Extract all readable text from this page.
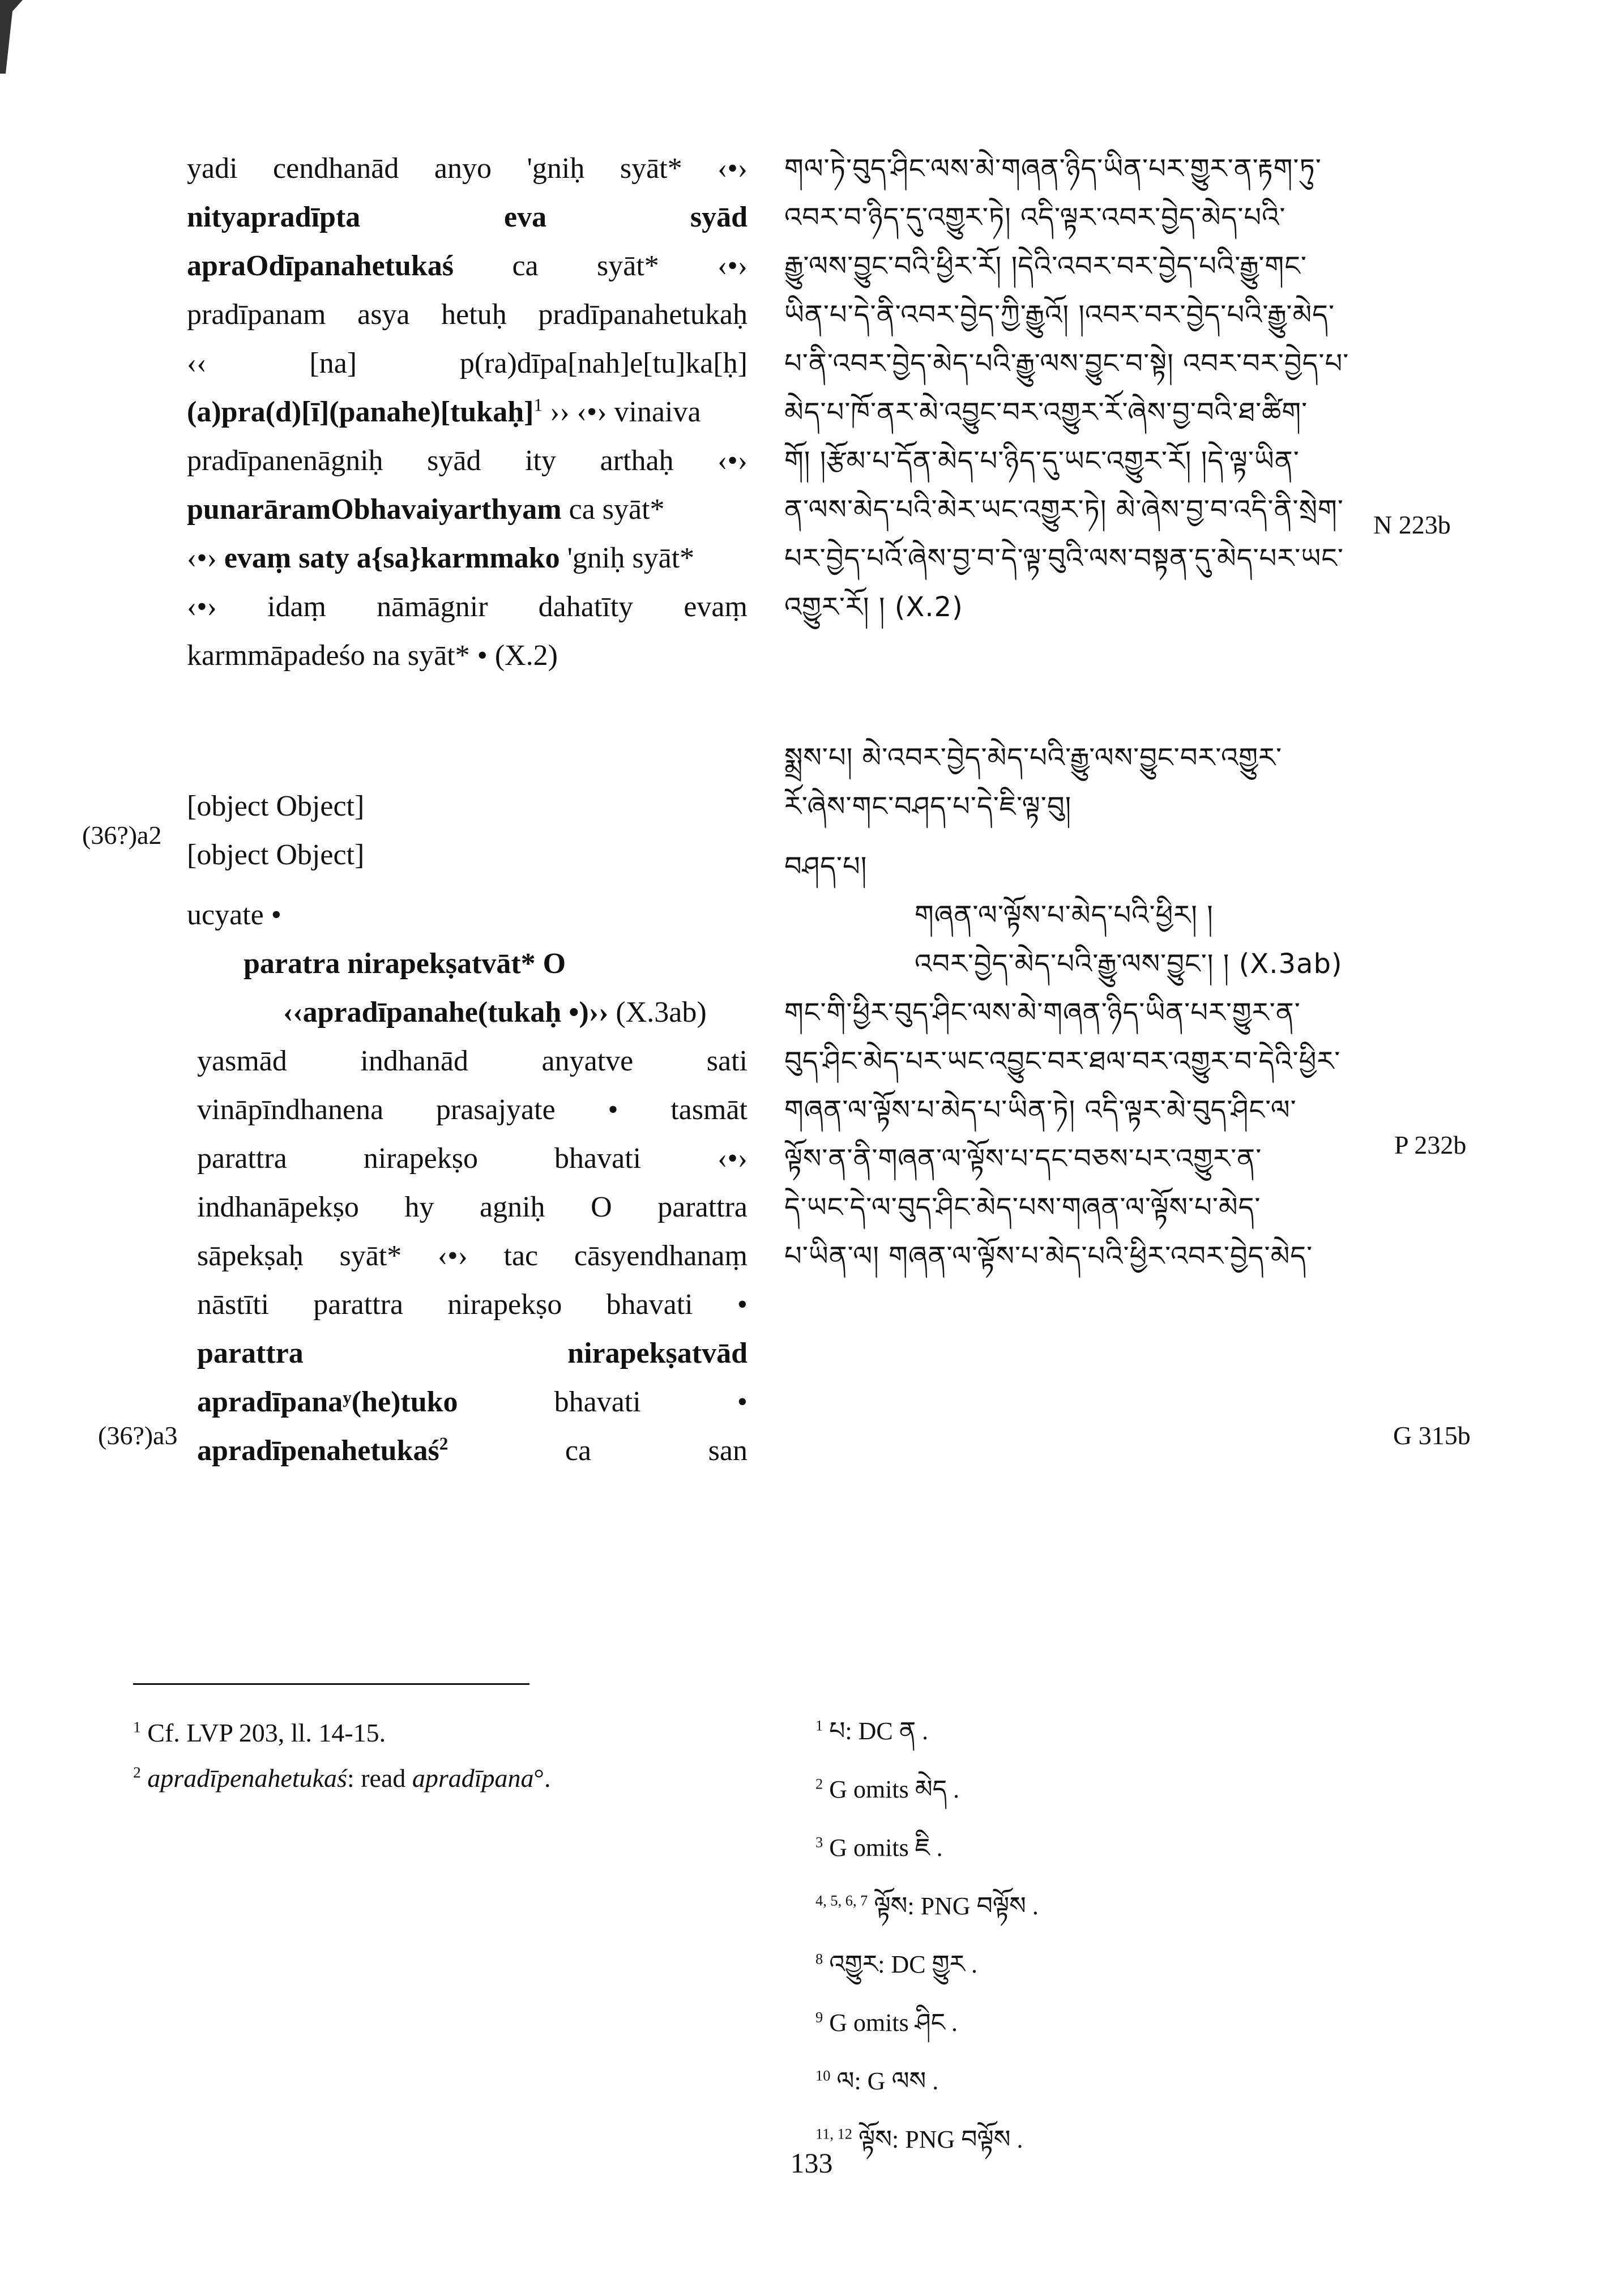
yadi cendhanād anyo 'gniḥ syāt* ‹•›
nityapradīpta	eva	syād
apraOdīpanahetukaś ca syāt* ‹•›
pradīpanam asya hetuḥ pradīpanahetukaḥ
‹‹	[na]	p(ra)dīpa[nah]e[tu]ka[ḥ]
(a)pra(d)[ī](panahe)[tukaḥ]$^1$ ›› ‹•› vinaiva
pradīpanenāgniḥ syād ity arthaḥ ‹•›
punarāramObhavaiyarthyam ca syāt*
‹•› evaṃ saty a{sa}karmmako 'gniḥ syāt*
‹•› idaṃ nāmāgnir dahatīty evaṃ
karmmāpadeśo na syāt* • (X.2)
[object Object]
[object Object]
ucyate •
paratra nirapekṣatvāt* O
‹‹apradīpanahe(tukaḥ •)›› (X.3ab)
yasmād indhanād anyatve sati
vināpīndhanena prasajyate • tasmāt
parattra	nirapekṣo	bhavati	‹•›
indhanāpekṣo hy agniḥ O parattra
sāpekṣaḥ syāt* ‹•› tac cāsyendhanaṃ
nāstīti parattra nirapekṣo bhavati •
parattra	nirapekṣatvād
apradīpanaʸ(he)tuko	bhavati	•
apradīpenahetukaś$^2$	ca	san
གལ་ཏེ་བུད་ཤིང་ལས་མེ་གཞན་ཉིད་ཡིན་པར་གྱུར་ན་རྟག་ཏུ་
འབར་བ་ཉིད་དུ་འགྱུར་ཏེ། འདི་ལྟར་འབར་བྱེད་མེད་པའི་
རྒྱུ་ལས་བྱུང་བའི་ཕྱིར་རོ། །དེའི་འབར་བར་བྱེད་པའི་རྒྱུ་གང་
ཡིན་པ་དེ་ནི་འབར་བྱེད་ཀྱི་རྒྱུའོ། །འབར་བར་བྱེད་པའི་རྒྱུ་མེད་
པ་ནི་འབར་བྱེད་མེད་པའི་རྒྱུ་ལས་བྱུང་བ་སྟེ། འབར་བར་བྱེད་པ་
མེད་པ་ཁོ་ནར་མེ་འབྱུང་བར་འགྱུར་རོ་ཞེས་བྱ་བའི་ཐ་ཚིག་
གོ། །རྩོམ་པ་དོན་མེད་པ་ཉིད་དུ་ཡང་འགྱུར་རོ། །དེ་ལྟ་ཡིན་
ན་ལས་མེད་པའི་མེར་ཡང་འགྱུར་ཏེ། མེ་ཞེས་བྱ་བ་འདི་ནི་སྲེག་
པར་བྱེད་པའོ་ཞེས་བྱ་བ་དེ་ལྟ་བུའི་ལས་བསྟན་དུ་མེད་པར་ཡང་
འགྱུར་རོ། ། (X.2)
སྨྲས་པ། མེ་འབར་བྱེད་མེད་པའི་རྒྱུ་ལས་བྱུང་བར་འགྱུར་
རོ་ཞེས་གང་བཤད་པ་དེ་ཇི་ལྟ་བུ།
བཤད་པ།
གཞན་ལ་ལྟོས་པ་མེད་པའི་ཕྱིར། །
འབར་བྱེད་མེད་པའི་རྒྱུ་ལས་བྱུང་། ། (X.3ab)
གང་གི་ཕྱིར་བུད་ཤིང་ལས་མེ་གཞན་ཉིད་ཡིན་པར་གྱུར་ན་
བུད་ཤིང་མེད་པར་ཡང་འབྱུང་བར་ཐལ་བར་འགྱུར་བ་དེའི་ཕྱིར་
གཞན་ལ་ལྟོས་པ་མེད་པ་ཡིན་ཏེ། འདི་ལྟར་མེ་བུད་ཤིང་ལ་
ལྟོས་ན་ནི་གཞན་ལ་ལྟོས་པ་དང་བཅས་པར་འགྱུར་ན་
དེ་ཡང་དེ་ལ་བུད་ཤིང་མེད་པས་གཞན་ལ་ལྟོས་པ་མེད་
པ་ཡིན་ལ། གཞན་ལ་ལྟོས་པ་མེད་པའི་ཕྱིར་འབར་བྱེད་མེད་
N 223b
(36?)a2
P 232b
G 315b
(36?)a3
$^1$ Cf. LVP 203, ll. 14-15.
$^2$ apradīpenahetukaś: read apradīpana°.
$^1$ པ: DC ན .
$^2$ G omits མེད .
$^3$ G omits ཇི .
$^{4, 5, 6, 7}$ ལྟོས: PNG བལྟོས .
$^8$ འགྱུར: DC གྱུར .
$^9$ G omits ཤིང .
$^{10}$ ལ: G ལས .
$^{11, 12}$ ལྟོས: PNG བལྟོས .
133
